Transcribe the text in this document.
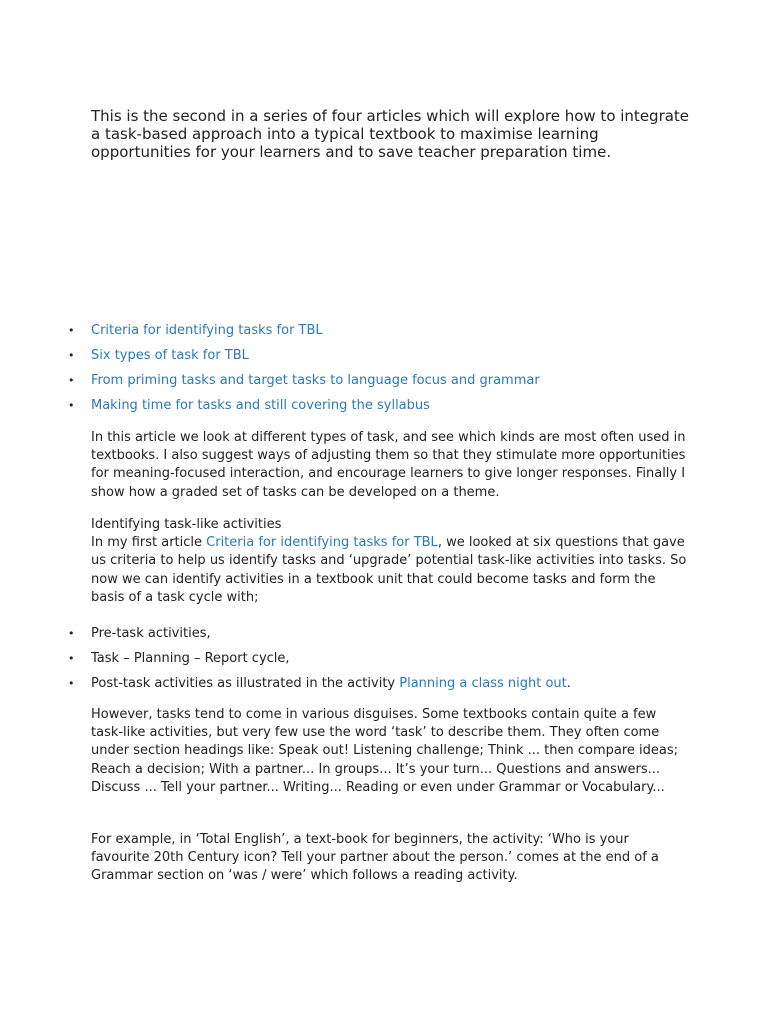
This is the second in a series of four articles which will explore how to integrate a task-based approach into a typical textbook to maximise learning opportunities for your learners and to save teacher preparation time.

• Criteria for identifying tasks for TBL
• Six types of task for TBL
• From priming tasks and target tasks to language focus and grammar
• Making time for tasks and still covering the syllabus

In this article we look at different types of task, and see which kinds are most often used in textbooks. I also suggest ways of adjusting them so that they stimulate more opportunities for meaning-focused interaction, and encourage learners to give longer responses. Finally I show how a graded set of tasks can be developed on a theme.

Identifying task-like activities
In my first article Criteria for identifying tasks for TBL, we looked at six questions that gave us criteria to help us identify tasks and ‘upgrade’ potential task-like activities into tasks. So now we can identify activities in a textbook unit that could become tasks and form the basis of a task cycle with;
• Pre-task activities,
• Task – Planning – Report cycle,
• Post-task activities as illustrated in the activity Planning a class night out.

However, tasks tend to come in various disguises. Some textbooks contain quite a few task-like activities, but very few use the word ‘task’ to describe them. They often come under section headings like: Speak out! Listening challenge; Think ... then compare ideas; Reach a decision; With a partner... In groups... It’s your turn... Questions and answers... Discuss ... Tell your partner... Writing... Reading or even under Grammar or Vocabulary...

For example, in ‘Total English’, a text-book for beginners, the activity: ‘Who is your favourite 20th Century icon? Tell your partner about the person.’ comes at the end of a Grammar section on ‘was / were’ which follows a reading activity.
